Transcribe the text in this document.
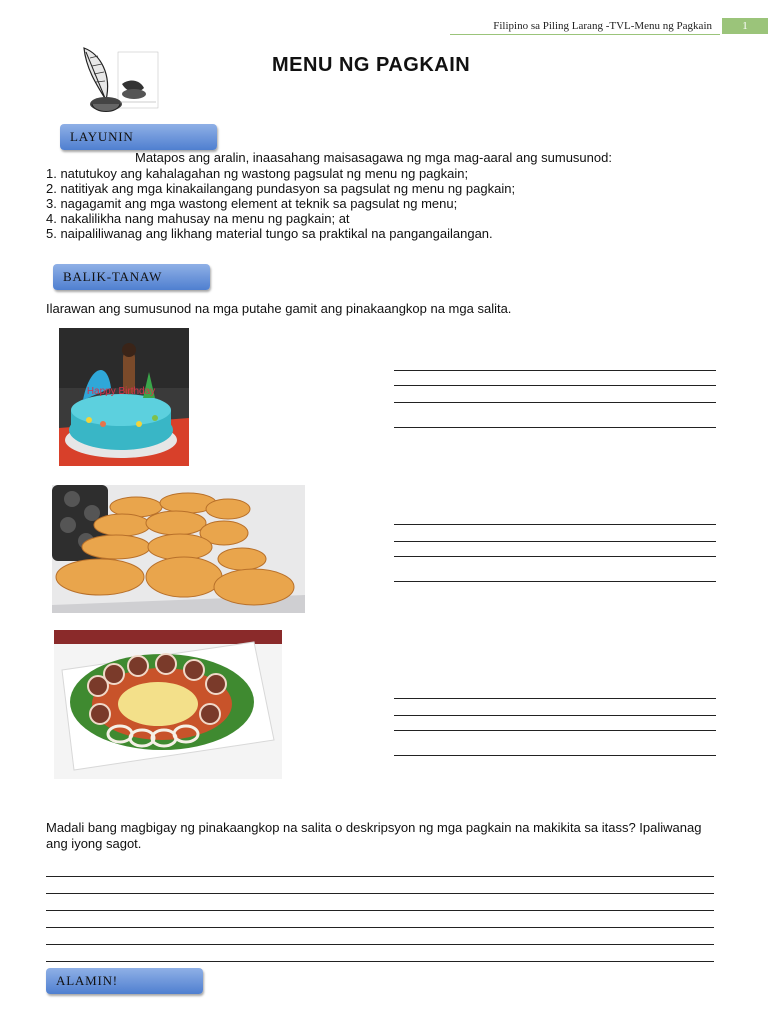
Filipino sa Piling Larang -TVL-Menu ng Pagkain	1
MENU NG PAGKAIN
LAYUNIN
Matapos ang aralin, inaasahang maisasagawa ng mga mag-aaral ang sumusunod:
1. natutukoy ang kahalagahan ng wastong pagsulat ng menu ng pagkain;
2. natitiyak ang mga kinakailangang pundasyon sa pagsulat ng menu ng pagkain;
3. nagagamit ang mga wastong element at teknik sa pagsulat ng menu;
4. nakalilikha nang mahusay na menu ng pagkain; at
5. naipaliliwanag ang likhang material tungo sa praktikal na pangangailangan.
BALIK-TANAW
Ilarawan ang sumusunod na mga putahe gamit ang pinakaangkop na mga salita.
Happy Birthday
Madali bang magbigay ng pinakaangkop na salita o deskripsyon ng mga pagkain na makikita sa itass? Ipaliwanag ang iyong sagot.
ALAMIN!
